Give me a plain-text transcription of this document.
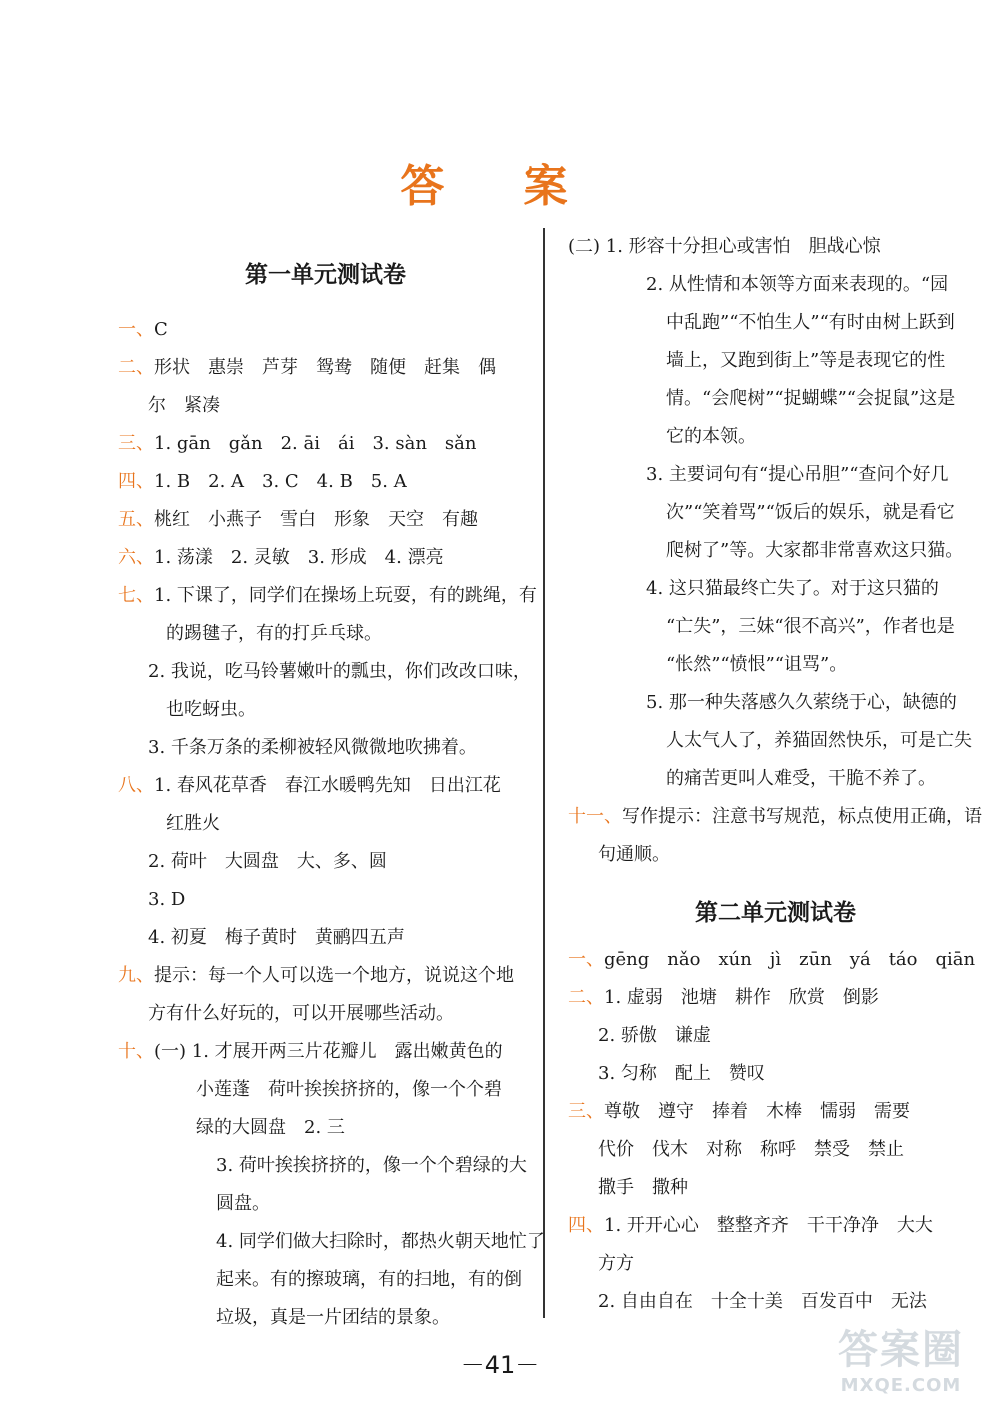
答 案
第一单元测试卷
一、C
二、形状　惠崇　芦芽　鸳鸯　随便　赶集　偶
尔　紧凑
三、1. gān　gǎn　2. āi　ái　3. sàn　sǎn
四、1. B　2. A　3. C　4. B　5. A
五、桃红　小燕子　雪白　形象　天空　有趣
六、1. 荡漾　2. 灵敏　3. 形成　4. 漂亮
七、1. 下课了，同学们在操场上玩耍，有的跳绳，有
的踢毽子，有的打乒乓球。
2. 我说，吃马铃薯嫩叶的瓢虫，你们改改口味，
也吃蚜虫。
3. 千条万条的柔柳被轻风微微地吹拂着。
八、1. 春风花草香　春江水暖鸭先知　日出江花
红胜火
2. 荷叶　大圆盘　大、多、圆
3. D
4. 初夏　梅子黄时　黄鹂四五声
九、提示：每一个人可以选一个地方，说说这个地
方有什么好玩的，可以开展哪些活动。
十、(一) 1. 才展开两三片花瓣儿　露出嫩黄色的
小莲蓬　荷叶挨挨挤挤的，像一个个碧
绿的大圆盘　2. 三
3. 荷叶挨挨挤挤的，像一个个碧绿的大
圆盘。
4. 同学们做大扫除时，都热火朝天地忙了
起来。有的擦玻璃，有的扫地，有的倒
垃圾，真是一片团结的景象。
(二) 1. 形容十分担心或害怕　胆战心惊
2. 从性情和本领等方面来表现的。“园
中乱跑”“不怕生人”“有时由树上跃到
墙上，又跑到街上”等是表现它的性
情。“会爬树”“捉蝴蝶”“会捉鼠”这是
它的本领。
3. 主要词句有“提心吊胆”“查问个好几
次”“笑着骂”“饭后的娱乐，就是看它
爬树了”等。大家都非常喜欢这只猫。
4. 这只猫最终亡失了。对于这只猫的
“亡失”，三妹“很不高兴”，作者也是
“怅然”“愤恨”“诅骂”。
5. 那一种失落感久久萦绕于心，缺德的
人太气人了，养猫固然快乐，可是亡失
的痛苦更叫人难受，干脆不养了。
十一、写作提示：注意书写规范，标点使用正确，语
句通顺。
第二单元测试卷
一、gēng　nǎo　xún　jì　zūn　yá　táo　qiān
二、1. 虚弱　池塘　耕作　欣赏　倒影
2. 骄傲　谦虚
3. 匀称　配上　赞叹
三、尊敬　遵守　捧着　木棒　懦弱　需要
代价　伐木　对称　称呼　禁受　禁止
撒手　撒种
四、1. 开开心心　整整齐齐　干干净净　大大
方方
2. 自由自在　十全十美　百发百中　无法
－41－	答案圈
MXQE.COM
